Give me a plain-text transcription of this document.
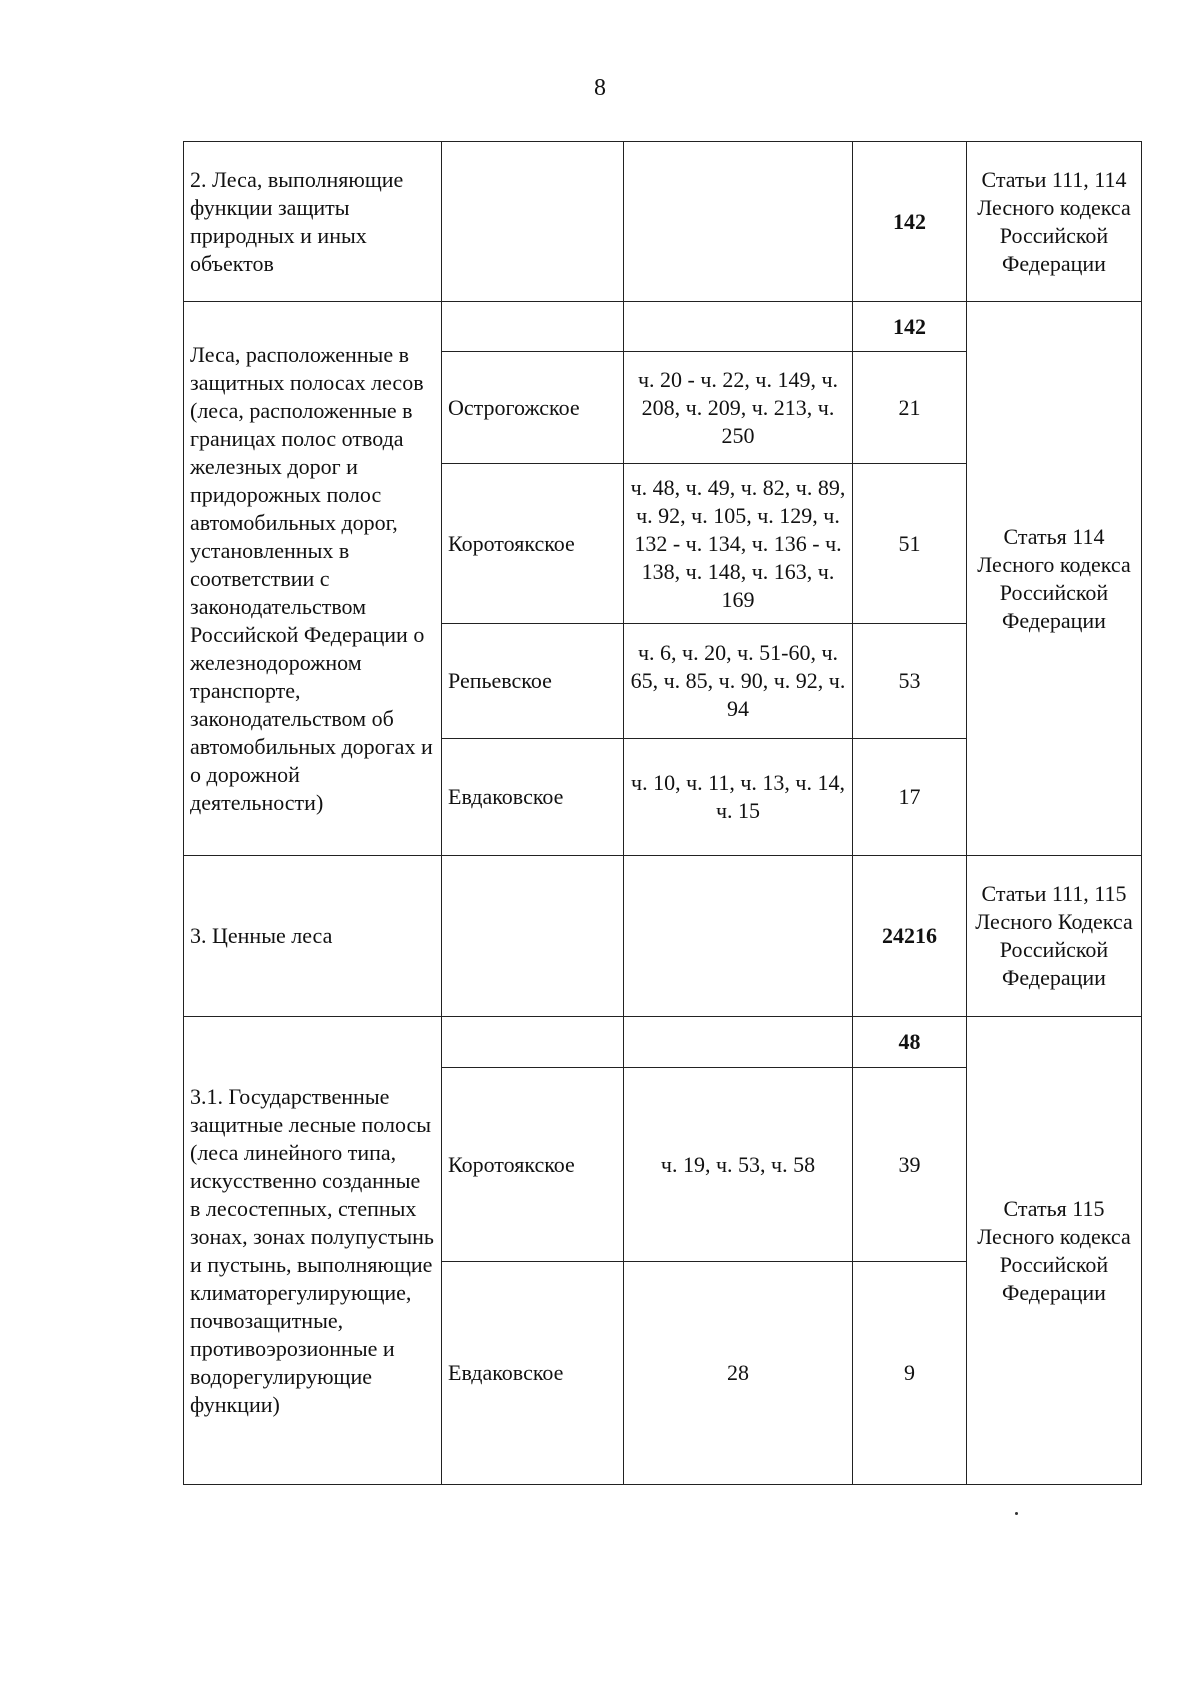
8
2. Леса, выполняющие функции защиты природных и иных объектов			142	Статьи 111, 114 Лесного кодекса Российской Федерации
Леса, расположенные в защитных полосах лесов (леса, расположенные в границах полос отвода железных дорог и придорожных полос автомобильных дорог, установленных в соответствии с законодательством Российской Федерации о железнодорожном транспорте, законодательством об автомобильных дорогах и о дорожной деятельности)			142	Статья 114 Лесного кодекса Российской Федерации
	Острогожское	ч. 20 - ч. 22, ч. 149, ч. 208, ч. 209, ч. 213, ч. 250	21	
	Коротоякское	ч. 48, ч. 49, ч. 82, ч. 89, ч. 92, ч. 105, ч. 129, ч. 132 - ч. 134, ч. 136 - ч. 138, ч. 148, ч. 163, ч. 169	51	
	Репьевское	ч. 6, ч. 20, ч. 51-60, ч. 65, ч. 85, ч. 90, ч. 92, ч. 94	53	
	Евдаковское	ч. 10, ч. 11, ч. 13, ч. 14, ч. 15	17	
3. Ценные леса			24216	Статьи 111, 115 Лесного Кодекса Российской Федерации
3.1. Государственные защитные лесные полосы (леса линейного типа, искусственно созданные в лесостепных, степных зонах, зонах полупустынь и пустынь, выполняющие климаторегулирующие, почвозащитные, противоэрозионные и водорегулирующие функции)			48	Статья 115 Лесного кодекса Российской Федерации
	Коротоякское	ч. 19, ч. 53, ч. 58	39	
	Евдаковское	28	9	
